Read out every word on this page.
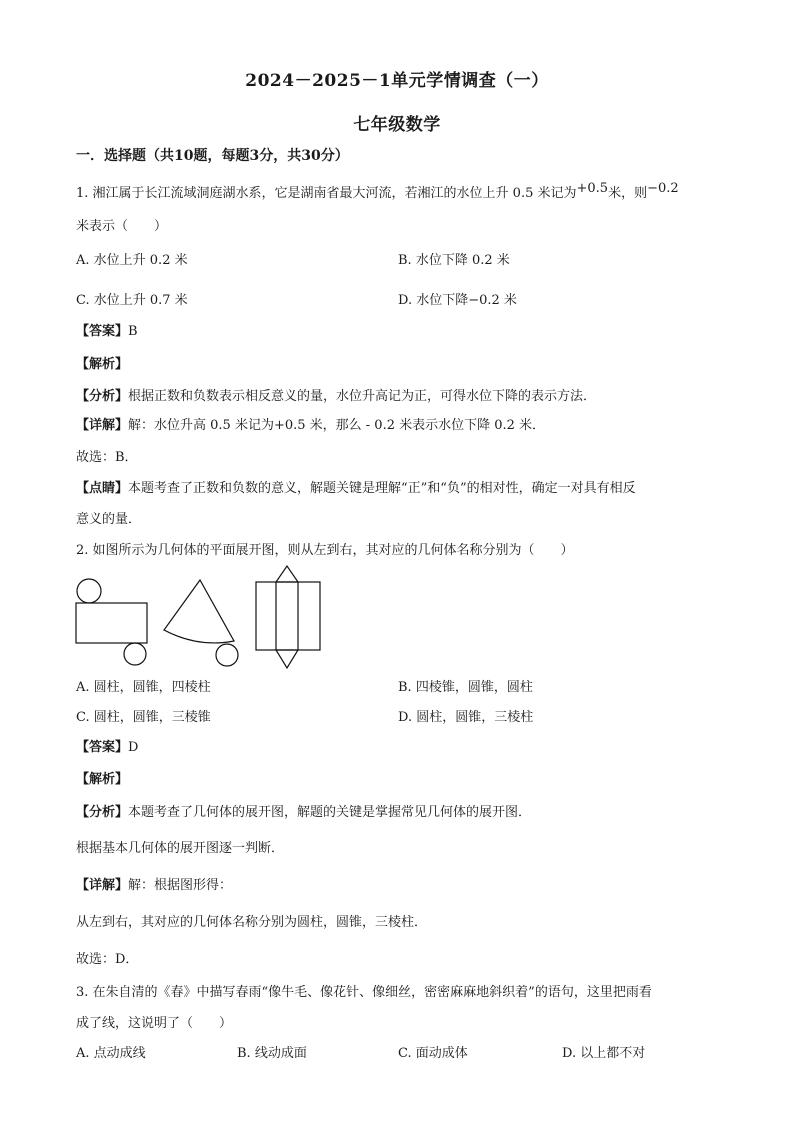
2024－2025－1单元学情调查（一）
七年级数学
一．选择题（共10题，每题3分，共30分）
1. 湘江属于长江流域洞庭湖水系，它是湖南省最大河流，若湘江的水位上升 0.5 米记为+0.5米，则−0.2
米表示（　　）
A. 水位上升 0.2 米	B. 水位下降 0.2 米
C. 水位上升 0.7 米	D. 水位下降−0.2 米
【答案】B
【解析】
【分析】根据正数和负数表示相反意义的量，水位升高记为正，可得水位下降的表示方法．
【详解】解：水位升高 0.5 米记为+0.5 米，那么 - 0.2 米表示水位下降 0.2 米．
故选：B．
【点睛】本题考查了正数和负数的意义，解题关键是理解“正”和“负”的相对性，确定一对具有相反
意义的量．
2. 如图所示为几何体的平面展开图，则从左到右，其对应的几何体名称分别为（　　）
A. 圆柱，圆锥，四棱柱	B. 四棱锥，圆锥，圆柱
C. 圆柱，圆锥，三棱锥	D. 圆柱，圆锥，三棱柱
【答案】D
【解析】
【分析】本题考查了几何体的展开图，解题的关键是掌握常见几何体的展开图．
根据基本几何体的展开图逐一判断．
【详解】解：根据图形得：
从左到右，其对应的几何体名称分别为圆柱，圆锥，三棱柱．
故选：D．
3. 在朱自清的《春》中描写春雨“像牛毛、像花针、像细丝，密密麻麻地斜织着”的语句，这里把雨看
成了线，这说明了（　　）
A. 点动成线	B. 线动成面	C. 面动成体	D. 以上都不对
